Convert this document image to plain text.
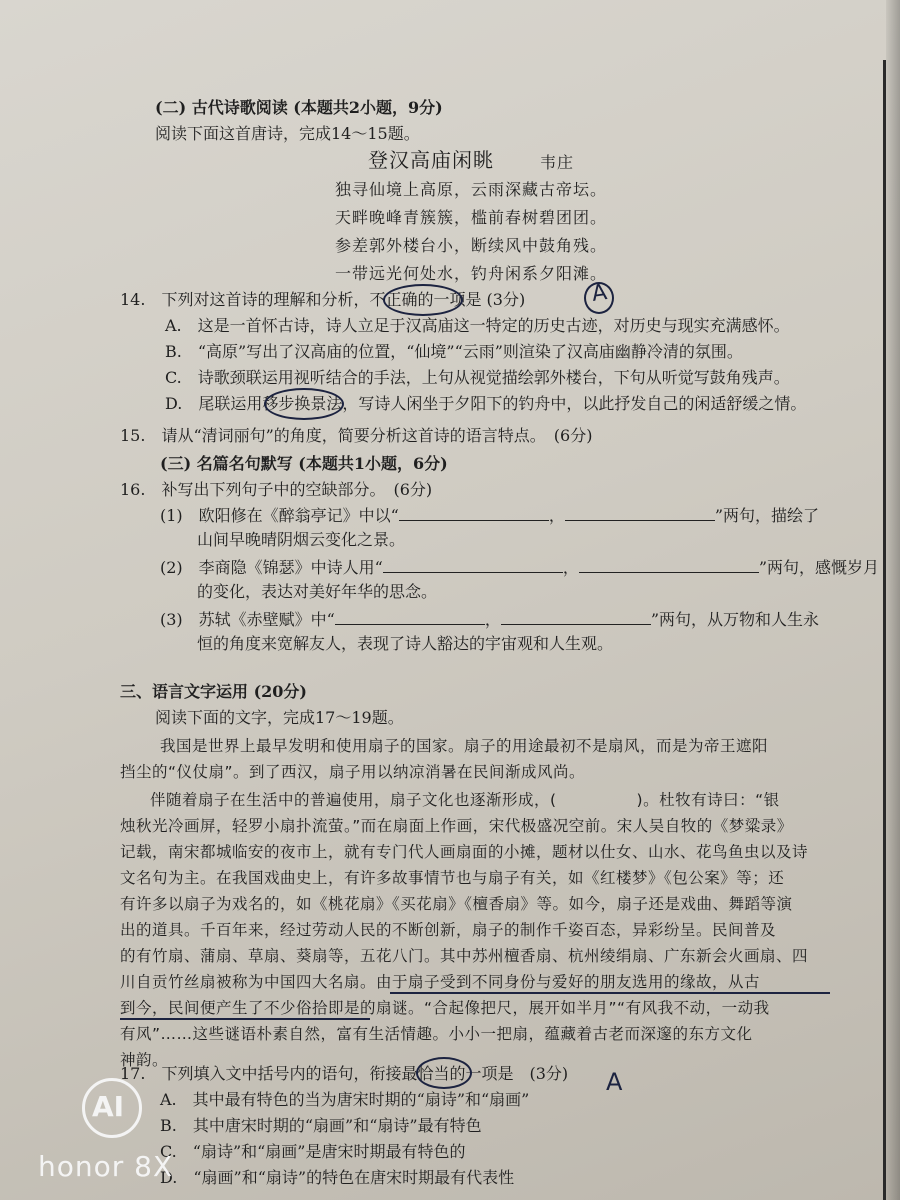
(二) 古代诗歌阅读 (本题共2小题，9分)
阅读下面这首唐诗，完成14～15题。
登汉高庙闲眺	韦庄
独寻仙境上高原，云雨深藏古帝坛。
天畔晚峰青簇簇，槛前春树碧团团。
参差郭外楼台小，断续风中鼓角残。
一带远光何处水，钓舟闲系夕阳滩。
14.　下列对这首诗的理解和分析，不正确的一项是 (3分)	A
A.　这是一首怀古诗，诗人立足于汉高庙这一特定的历史古迹，对历史与现实充满感怀。
B.　“高原”写出了汉高庙的位置，“仙境”“云雨”则渲染了汉高庙幽静冷清的氛围。
C.　诗歌颈联运用视听结合的手法，上句从视觉描绘郭外楼台，下句从听觉写鼓角残声。
D.　尾联运用移步换景法，写诗人闲坐于夕阳下的钓舟中，以此抒发自己的闲适舒缓之情。
15.　请从“清词丽句”的角度，简要分析这首诗的语言特点。　(6分)
(三) 名篇名句默写 (本题共1小题，6分)
16.　补写出下列句子中的空缺部分。　(6分)
(1)　欧阳修在《醉翁亭记》中以“	，	”两句，描绘了
山间早晚晴阴烟云变化之景。
(2)　李商隐《锦瑟》中诗人用“	，	”两句，感慨岁月
的变化，表达对美好年华的思念。
(3)　苏轼《赤壁赋》中“	，	”两句，从万物和人生永
恒的角度来宽解友人，表现了诗人豁达的宇宙观和人生观。
三、语言文字运用 (20分)
阅读下面的文字，完成17～19题。
我国是世界上最早发明和使用扇子的国家。扇子的用途最初不是扇风，而是为帝王遮阳
挡尘的“仪仗扇”。到了西汉，扇子用以纳凉消暑在民间渐成风尚。
伴随着扇子在生活中的普遍使用，扇子文化也逐渐形成，(　　　　　)。杜牧有诗曰：“银
烛秋光冷画屏，轻罗小扇扑流萤。”而在扇面上作画，宋代极盛况空前。宋人吴自牧的《梦粱录》
记载，南宋都城临安的夜市上，就有专门代人画扇面的小摊，题材以仕女、山水、花鸟鱼虫以及诗
文名句为主。在我国戏曲史上，有许多故事情节也与扇子有关，如《红楼梦》《包公案》等；还
有许多以扇子为戏名的，如《桃花扇》《买花扇》《檀香扇》等。如今，扇子还是戏曲、舞蹈等演
出的道具。千百年来，经过劳动人民的不断创新，扇子的制作千姿百态，异彩纷呈。民间普及
的有竹扇、蒲扇、草扇、葵扇等，五花八门。其中苏州檀香扇、杭州绫绢扇、广东新会火画扇、四
川自贡竹丝扇被称为中国四大名扇。由于扇子受到不同身份与爱好的朋友选用的缘故，从古
到今，民间便产生了不少俗拾即是的扇谜。“合起像把尺，展开如半月”“有风我不动，一动我
有风”……这些谜语朴素自然，富有生活情趣。小小一把扇，蕴藏着古老而深邃的东方文化
神韵。
17.　下列填入文中括号内的语句，衔接最恰当的一项是　(3分) A
A.　其中最有特色的当为唐宋时期的“扇诗”和“扇画”
B.　其中唐宋时期的“扇画”和“扇诗”最有特色
C.　“扇诗”和“扇画”是唐宋时期最有特色的
D.　“扇画”和“扇诗”的特色在唐宋时期最有代表性
AI
honor 8X
